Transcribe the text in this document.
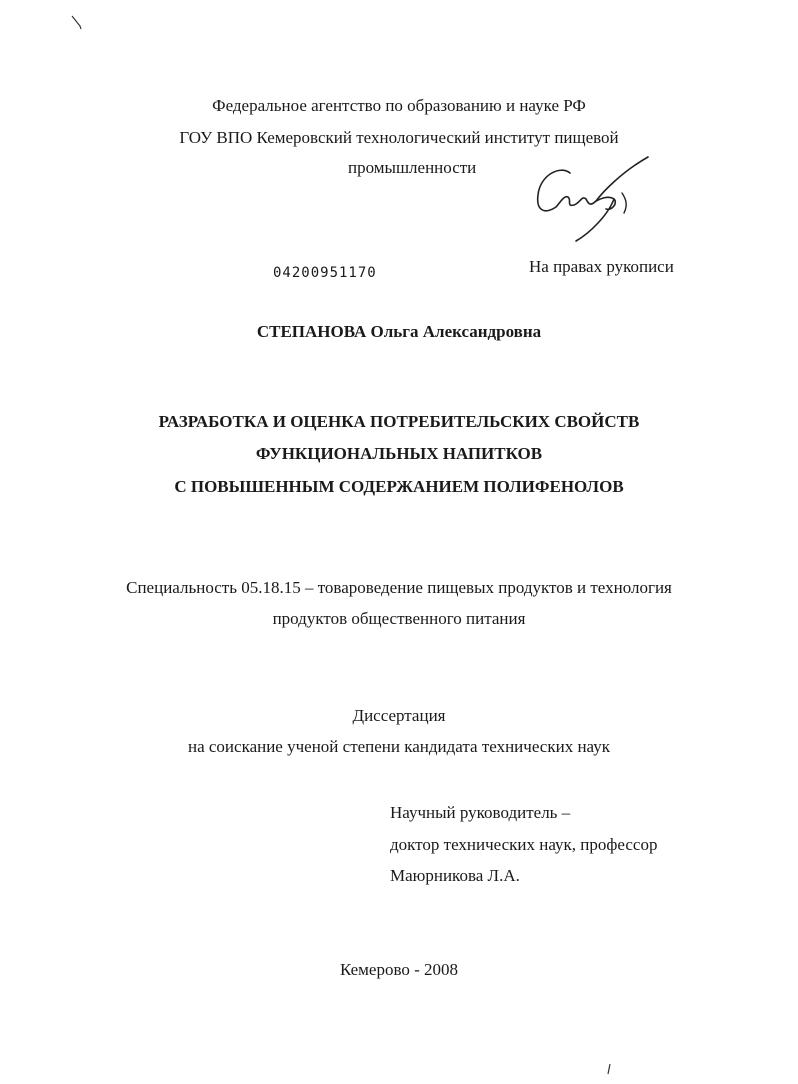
Федеральное агентство по образованию и науке РФ
ГОУ ВПО Кемеровский технологический институт пищевой
промышленности
04200951170	На правах рукописи
СТЕПАНОВА Ольга Александровна
РАЗРАБОТКА И ОЦЕНКА ПОТРЕБИТЕЛЬСКИХ СВОЙСТВ
ФУНКЦИОНАЛЬНЫХ НАПИТКОВ
С ПОВЫШЕННЫМ СОДЕРЖАНИЕМ ПОЛИФЕНОЛОВ
Специальность 05.18.15 – товароведение пищевых продуктов и технология
продуктов общественного питания
Диссертация
на соискание ученой степени кандидата технических наук
Научный руководитель –
доктор технических наук, профессор
Маюрникова Л.А.
Кемерово - 2008
